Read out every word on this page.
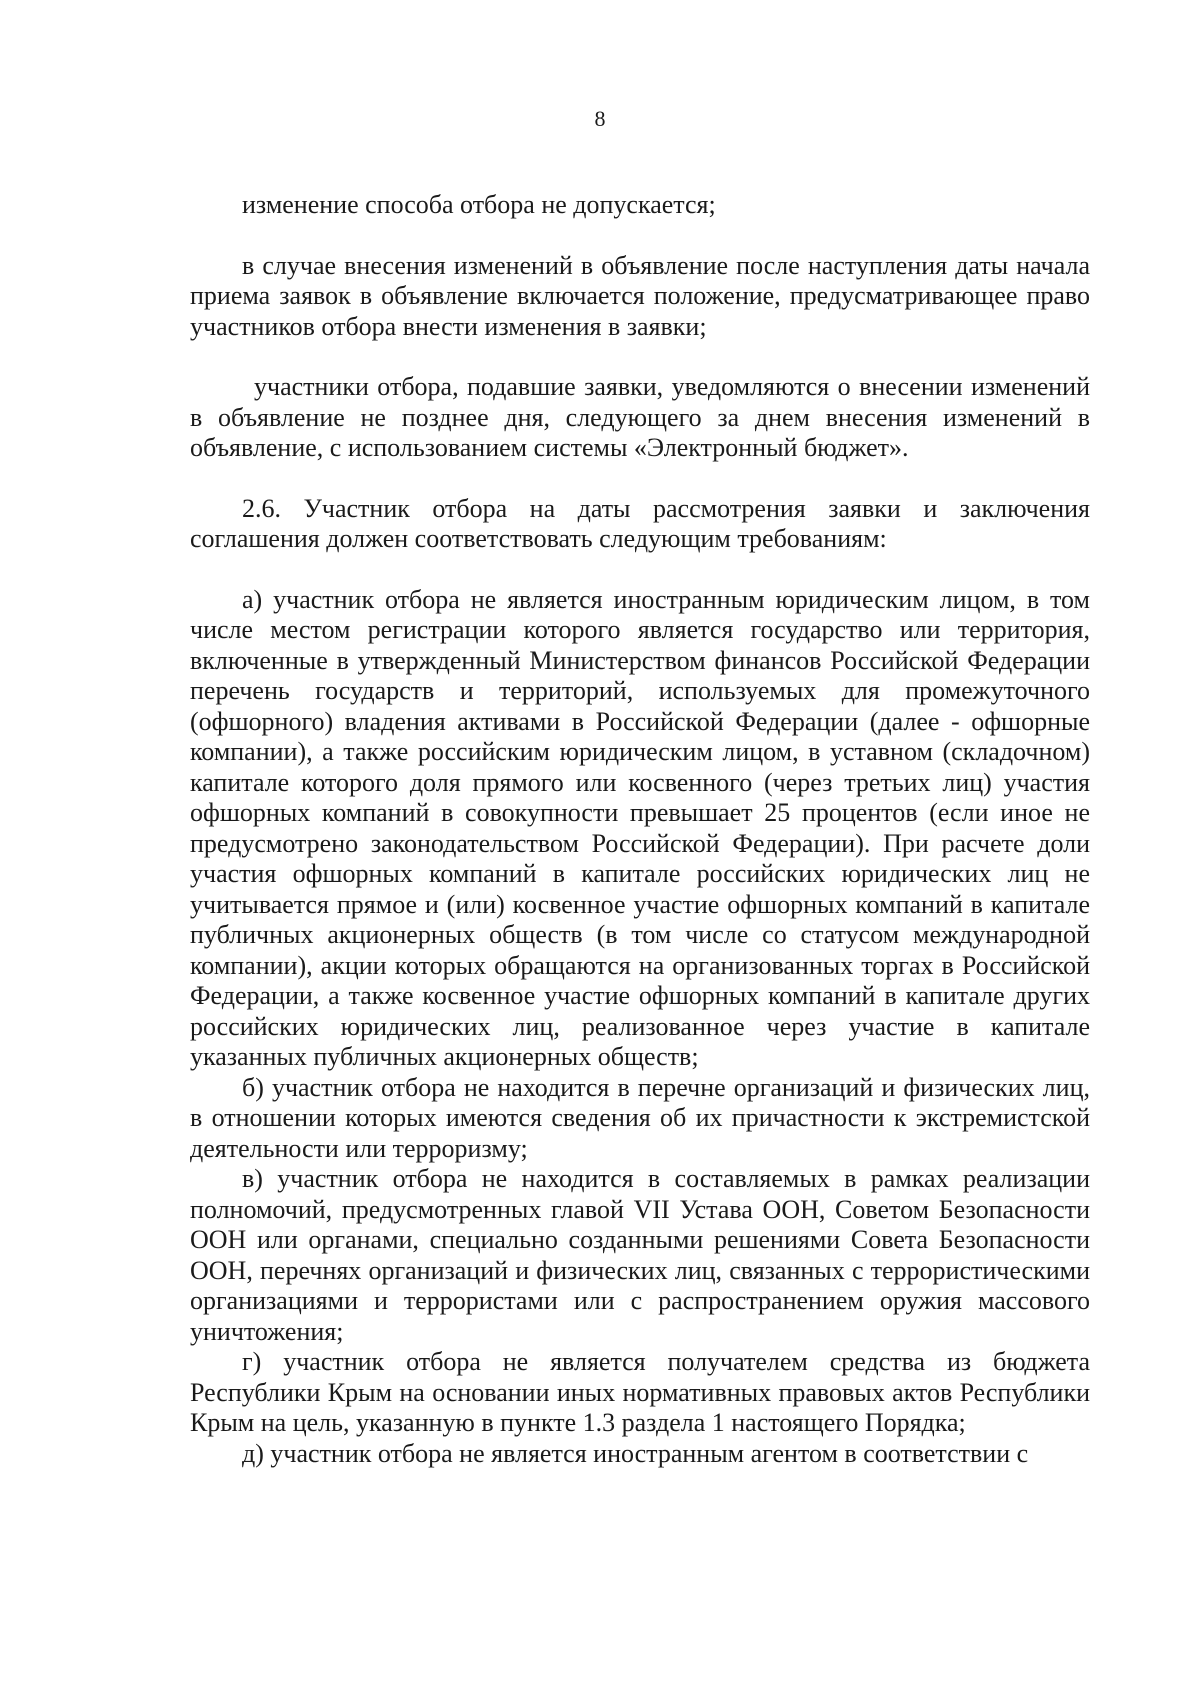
8

изменение способа отбора не допускается;

в случае внесения изменений в объявление после наступления даты начала приема заявок в объявление включается положение, предусматривающее право участников отбора внести изменения в заявки;

участники отбора, подавшие заявки, уведомляются о внесении изменений в объявление не позднее дня, следующего за днем внесения изменений в объявление, с использованием системы «Электронный бюджет».

2.6. Участник отбора на даты рассмотрения заявки и заключения соглашения должен соответствовать следующим требованиям:

а) участник отбора не является иностранным юридическим лицом, в том числе местом регистрации которого является государство или территория, включенные в утвержденный Министерством финансов Российской Федерации перечень государств и территорий, используемых для промежуточного (офшорного) владения активами в Российской Федерации (далее - офшорные компании), а также российским юридическим лицом, в уставном (складочном) капитале которого доля прямого или косвенного (через третьих лиц) участия офшорных компаний в совокупности превышает 25 процентов (если иное не предусмотрено законодательством Российской Федерации). При расчете доли участия офшорных компаний в капитале российских юридических лиц не учитывается прямое и (или) косвенное участие офшорных компаний в капитале публичных акционерных обществ (в том числе со статусом международной компании), акции которых обращаются на организованных торгах в Российской Федерации, а также косвенное участие офшорных компаний в капитале других российских юридических лиц, реализованное через участие в капитале указанных публичных акционерных обществ;

б) участник отбора не находится в перечне организаций и физических лиц, в отношении которых имеются сведения об их причастности к экстремистской деятельности или терроризму;

в) участник отбора не находится в составляемых в рамках реализации полномочий, предусмотренных главой VII Устава ООН, Советом Безопасности ООН или органами, специально созданными решениями Совета Безопасности ООН, перечнях организаций и физических лиц, связанных с террористическими организациями и террористами или с распространением оружия массового уничтожения;

г) участник отбора не является получателем средства из бюджета Республики Крым на основании иных нормативных правовых актов Республики Крым на цель, указанную в пункте 1.3 раздела 1 настоящего Порядка;

д) участник отбора не является иностранным агентом в соответствии с
